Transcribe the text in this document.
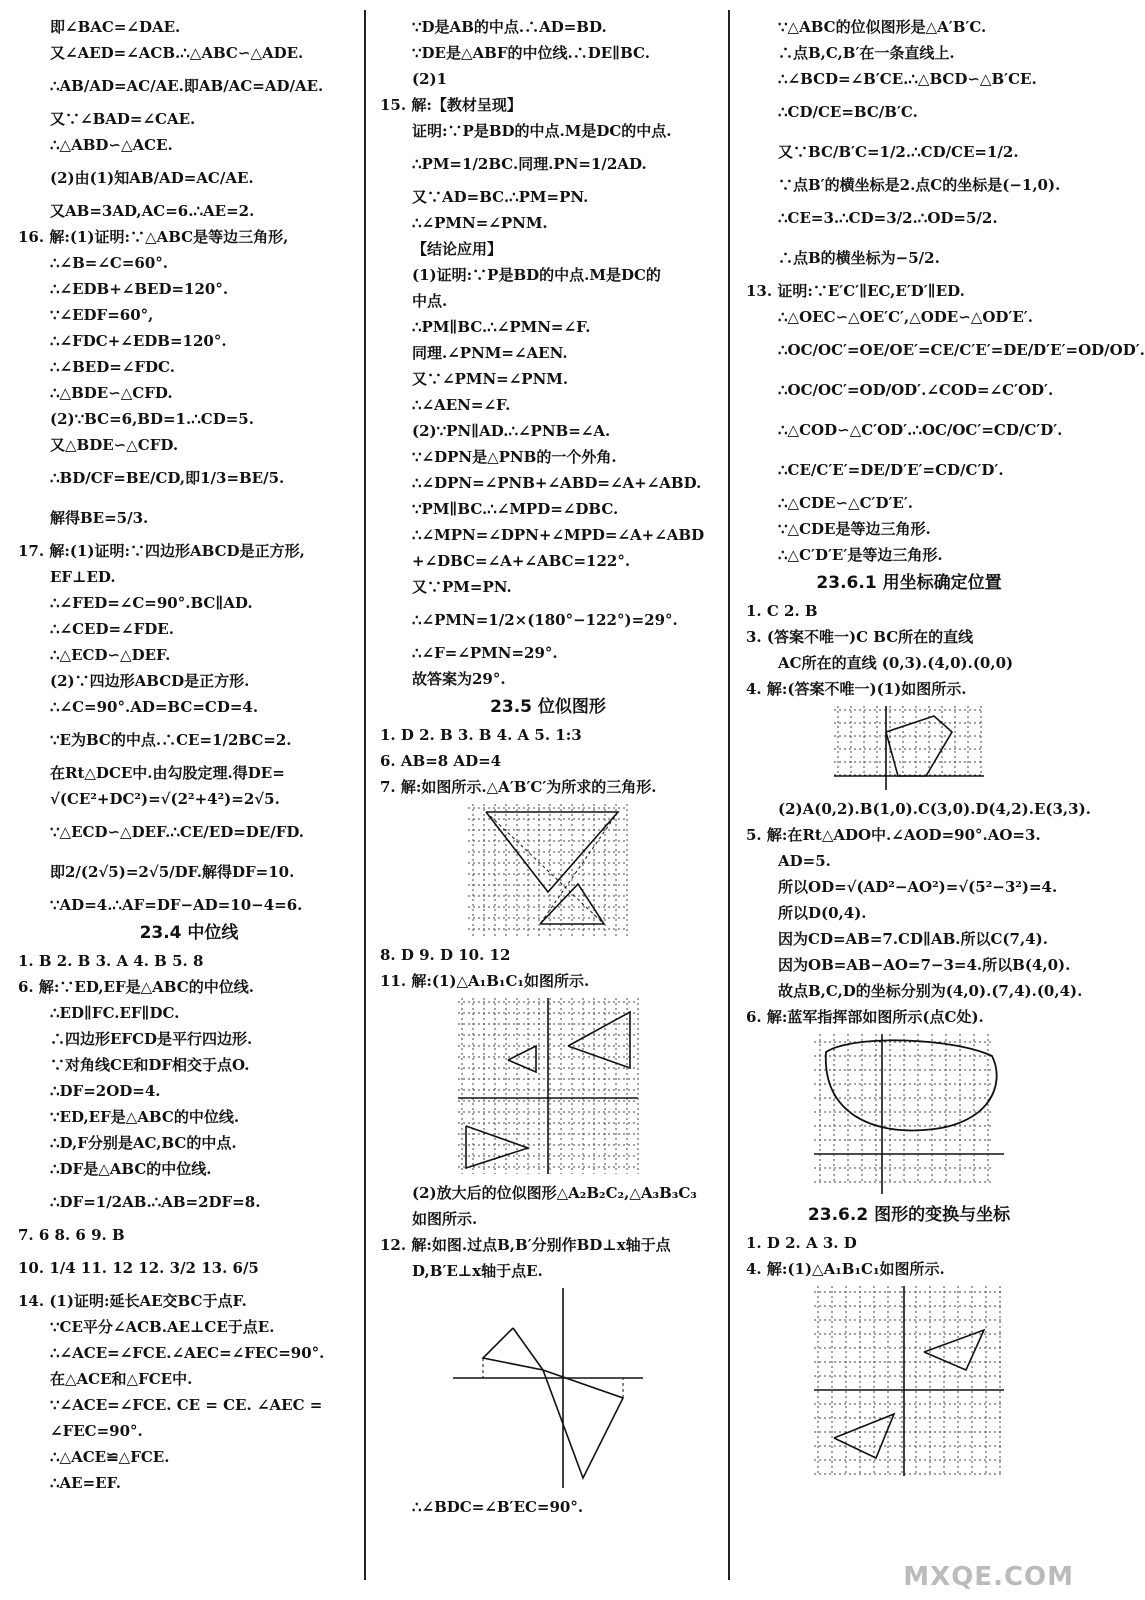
即∠BAC=∠DAE.
又∠AED=∠ACB.∴△ABC∽△ADE.
∴AB/AD=AC/AE.即AB/AC=AD/AE.
又∵∠BAD=∠CAE.
∴△ABD∽△ACE.
(2)由(1)知AB/AD=AC/AE.
又AB=3AD,AC=6.∴AE=2.
16. 解:(1)证明:∵△ABC是等边三角形,
∴∠B=∠C=60°.
∴∠EDB+∠BED=120°.
∵∠EDF=60°,
∴∠FDC+∠EDB=120°.
∴∠BED=∠FDC.
∴△BDE∽△CFD.
(2)∵BC=6,BD=1.∴CD=5.
又△BDE∽△CFD.
∴BD/CF=BE/CD,即1/3=BE/5.
解得BE=5/3.
17. 解:(1)证明:∵四边形ABCD是正方形,
EF⊥ED.
∴∠FED=∠C=90°.BC∥AD.
∴∠CED=∠FDE.
∴△ECD∽△DEF.
(2)∵四边形ABCD是正方形.
∴∠C=90°.AD=BC=CD=4.
∵E为BC的中点.∴CE=1/2BC=2.
在Rt△DCE中.由勾股定理.得DE=
√(CE²+DC²)=√(2²+4²)=2√5.
∵△ECD∽△DEF.∴CE/ED=DE/FD.
即2/(2√5)=2√5/DF.解得DF=10.
∵AD=4.∴AF=DF−AD=10−4=6.
23.4 中位线
1. B 2. B 3. A 4. B 5. 8
6. 解:∵ED,EF是△ABC的中位线.
∴ED∥FC.EF∥DC.
∴四边形EFCD是平行四边形.
∵对角线CE和DF相交于点O.
∴DF=2OD=4.
∵ED,EF是△ABC的中位线.
∴D,F分别是AC,BC的中点.
∴DF是△ABC的中位线.
∴DF=1/2AB.∴AB=2DF=8.
7. 6 8. 6 9. B
10. 1/4 11. 12 12. 3/2 13. 6/5
14. (1)证明:延长AE交BC于点F.
∵CE平分∠ACB.AE⊥CE于点E.
∴∠ACE=∠FCE.∠AEC=∠FEC=90°.
在△ACE和△FCE中.
∵∠ACE=∠FCE. CE = CE. ∠AEC =
∠FEC=90°.
∴△ACE≌△FCE.
∴AE=EF.
∵D是AB的中点.∴AD=BD.
∵DE是△ABF的中位线.∴DE∥BC.
(2)1
15. 解:【教材呈现】
证明:∵P是BD的中点.M是DC的中点.
∴PM=1/2BC.同理.PN=1/2AD.
又∵AD=BC.∴PM=PN.
∴∠PMN=∠PNM.
【结论应用】
(1)证明:∵P是BD的中点.M是DC的
中点.
∴PM∥BC.∴∠PMN=∠F.
同理.∠PNM=∠AEN.
又∵∠PMN=∠PNM.
∴∠AEN=∠F.
(2)∵PN∥AD.∴∠PNB=∠A.
∵∠DPN是△PNB的一个外角.
∴∠DPN=∠PNB+∠ABD=∠A+∠ABD.
∵PM∥BC.∴∠MPD=∠DBC.
∴∠MPN=∠DPN+∠MPD=∠A+∠ABD
+∠DBC=∠A+∠ABC=122°.
又∵PM=PN.
∴∠PMN=1/2×(180°−122°)=29°.
∴∠F=∠PMN=29°.
故答案为29°.
23.5 位似图形
1. D 2. B 3. B 4. A 5. 1:3
6. AB=8 AD=4
7. 解:如图所示.△A′B′C′为所求的三角形.
8. D 9. D 10. 12
11. 解:(1)△A₁B₁C₁如图所示.
(2)放大后的位似图形△A₂B₂C₂,△A₃B₃C₃
如图所示.
12. 解:如图.过点B,B′分别作BD⊥x轴于点
D,B′E⊥x轴于点E.
∴∠BDC=∠B′EC=90°.
∵△ABC的位似图形是△A′B′C.
∴点B,C,B′在一条直线上.
∴∠BCD=∠B′CE.∴△BCD∽△B′CE.
∴CD/CE=BC/B′C.
又∵BC/B′C=1/2.∴CD/CE=1/2.
∵点B′的横坐标是2.点C的坐标是(−1,0).
∴CE=3.∴CD=3/2.∴OD=5/2.
∴点B的横坐标为−5/2.
13. 证明:∵E′C′∥EC,E′D′∥ED.
∴△OEC∽△OE′C′,△ODE∽△OD′E′.
∴OC/OC′=OE/OE′=CE/C′E′=DE/D′E′=OD/OD′.
∴OC/OC′=OD/OD′.∠COD=∠C′OD′.
∴△COD∽△C′OD′.∴OC/OC′=CD/C′D′.
∴CE/C′E′=DE/D′E′=CD/C′D′.
∴△CDE∽△C′D′E′.
∵△CDE是等边三角形.
∴△C′D′E′是等边三角形.
23.6.1 用坐标确定位置
1. C 2. B
3. (答案不唯一)C BC所在的直线
AC所在的直线 (0,3).(4,0).(0,0)
4. 解:(答案不唯一)(1)如图所示.
(2)A(0,2).B(1,0).C(3,0).D(4,2).E(3,3).
5. 解:在Rt△ADO中.∠AOD=90°.AO=3.
AD=5.
所以OD=√(AD²−AO²)=√(5²−3²)=4.
所以D(0,4).
因为CD=AB=7.CD∥AB.所以C(7,4).
因为OB=AB−AO=7−3=4.所以B(4,0).
故点B,C,D的坐标分别为(4,0).(7,4).(0,4).
6. 解:蓝军指挥部如图所示(点C处).
23.6.2 图形的变换与坐标
1. D 2. A 3. D
4. 解:(1)△A₁B₁C₁如图所示.
MXQE.COM
